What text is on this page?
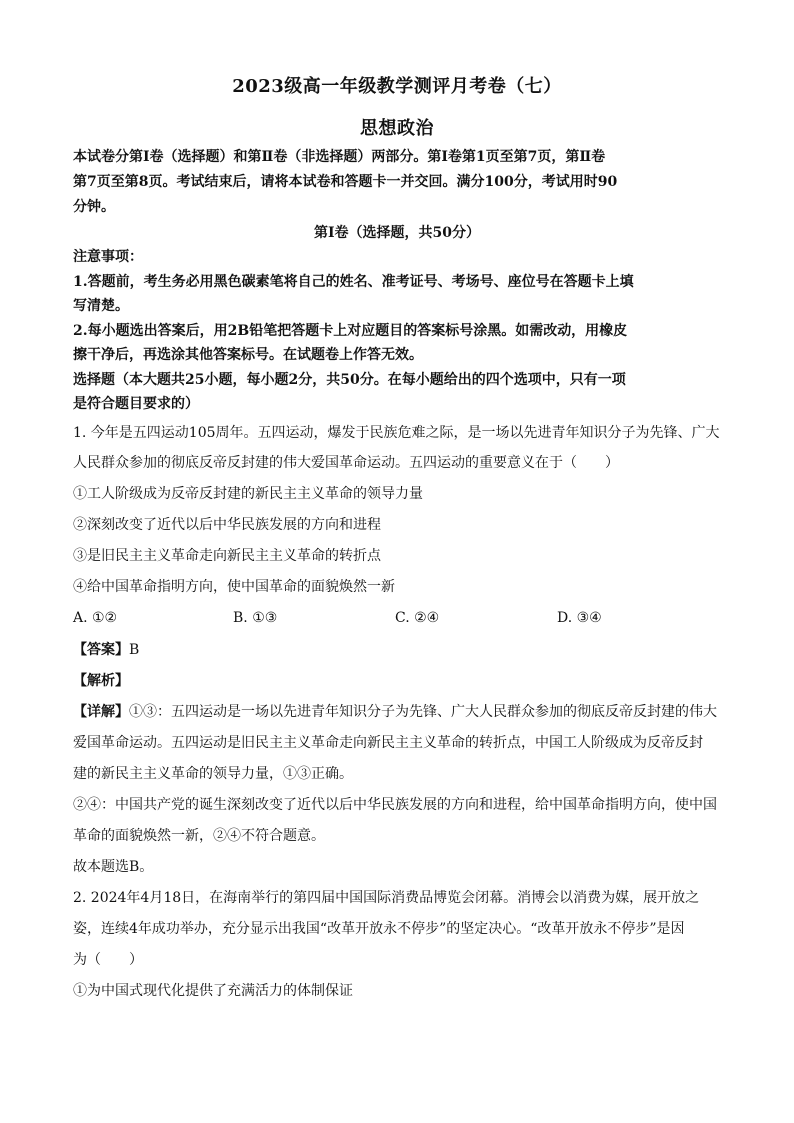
2023级高一年级教学测评月考卷（七）
思想政治
本试卷分第Ⅰ卷（选择题）和第Ⅱ卷（非选择题）两部分。第Ⅰ卷第1页至第7页，第Ⅱ卷
第7页至第8页。考试结束后，请将本试卷和答题卡一并交回。满分100分，考试用时90
分钟。
第Ⅰ卷（选择题，共50分）
注意事项：
1.答题前，考生务必用黑色碳素笔将自己的姓名、准考证号、考场号、座位号在答题卡上填
写清楚。
2.每小题选出答案后，用2B铅笔把答题卡上对应题目的答案标号涂黑。如需改动，用橡皮
擦干净后，再选涂其他答案标号。在试题卷上作答无效。
选择题（本大题共25小题，每小题2分，共50分。在每小题给出的四个选项中，只有一项
是符合题目要求的）
1. 今年是五四运动105周年。五四运动，爆发于民族危难之际，是一场以先进青年知识分子为先锋、广大
人民群众参加的彻底反帝反封建的伟大爱国革命运动。五四运动的重要意义在于（　　）
①工人阶级成为反帝反封建的新民主主义革命的领导力量
②深刻改变了近代以后中华民族发展的方向和进程
③是旧民主主义革命走向新民主主义革命的转折点
④给中国革命指明方向，使中国革命的面貌焕然一新
A. ①②	B. ①③	C. ②④	D. ③④
【答案】B
【解析】
【详解】①③：五四运动是一场以先进青年知识分子为先锋、广大人民群众参加的彻底反帝反封建的伟大
爱国革命运动。五四运动是旧民主主义革命走向新民主主义革命的转折点，中国工人阶级成为反帝反封
建的新民主主义革命的领导力量，①③正确。
②④：中国共产党的诞生深刻改变了近代以后中华民族发展的方向和进程，给中国革命指明方向，使中国
革命的面貌焕然一新，②④不符合题意。
故本题选B。
2. 2024年4月18日，在海南举行的第四届中国国际消费品博览会闭幕。消博会以消费为媒，展开放之
姿，连续4年成功举办，充分显示出我国“改革开放永不停步”的坚定决心。“改革开放永不停步”是因
为（　　）
①为中国式现代化提供了充满活力的体制保证
